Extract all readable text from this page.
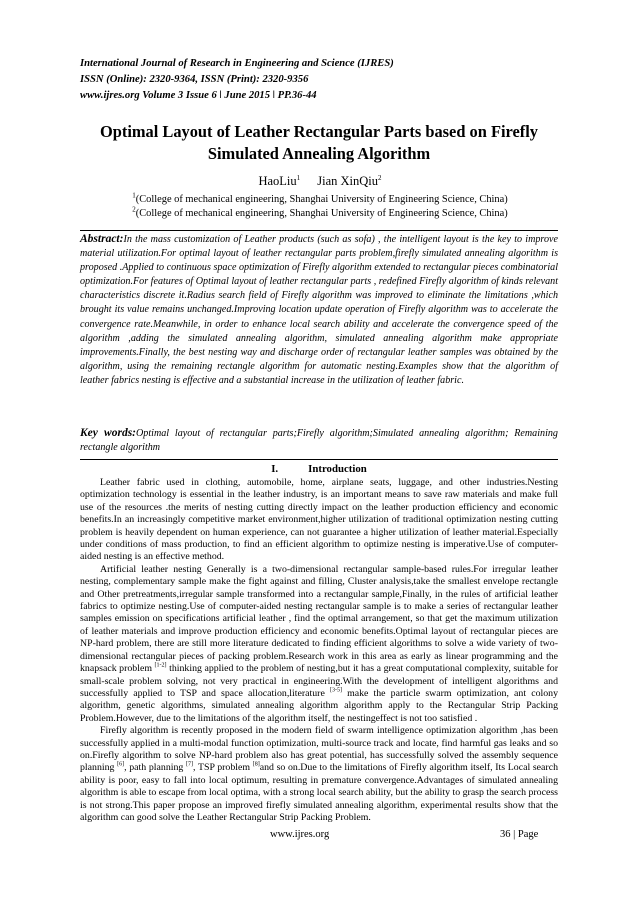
International Journal of Research in Engineering and Science (IJRES)
ISSN (Online): 2320-9364, ISSN (Print): 2320-9356
www.ijres.org Volume 3 Issue 6 ǀ June 2015 ǀ PP.36-44
Optimal Layout of Leather Rectangular Parts based on Firefly
Simulated Annealing Algorithm
HaoLiu$^1$ Jian XinQiu$^2$
$^1$(College of mechanical engineering, Shanghai University of Engineering Science, China)
$^2$(College of mechanical engineering, Shanghai University of Engineering Science, China)
Abstract:In the mass customization of Leather products (such as sofa) , the intelligent layout is the key to improve material utilization.For optimal layout of leather rectangular parts problem,firefly simulated annealing algorithm is proposed .Applied to continuous space optimization of Firefly algorithm extended to rectangular pieces combinatorial optimization.For features of Optimal layout of leather rectangular parts , redefined Firefly algorithm of kinds relevant characteristics discrete it.Radius search field of Firefly algorithm was improved to eliminate the limitations ,which brought its value remains unchanged.Improving location update operation of Firefly algorithm was to accelerate the convergence rate.Meanwhile, in order to enhance local search ability and accelerate the convergence speed of the algorithm ,adding the simulated annealing algorithm, simulated annealing algorithm make appropriate improvements.Finally, the best nesting way and discharge order of rectangular leather samples was obtained by the algorithm, using the remaining rectangle algorithm for automatic nesting.Examples show that the algorithm of leather fabrics nesting is effective and a substantial increase in the utilization of leather fabric.
Key words:Optimal layout of rectangular parts;Firefly algorithm;Simulated annealing algorithm; Remaining rectangle algorithm
I.	Introduction

Leather fabric used in clothing, automobile, home, airplane seats, luggage, and other industries.Nesting optimization technology is essential in the leather industry, is an important means to save raw materials and make full use of the resources .the merits of nesting cutting directly impact on the leather production efficiency and economic benefits.In an increasingly competitive market environment,higher utilization of traditional optimization nesting cutting problem is heavily dependent on human experience, can not guarantee a higher utilization of leather material.Especially under conditions of mass production, to find an efficient algorithm to optimize nesting is imperative.Use of computer-aided nesting is an effective method.

Artificial leather nesting Generally is a two-dimensional rectangular sample-based rules.For irregular leather nesting, complementary sample make the fight against and filling, Cluster analysis,take the smallest envelope rectangle and Other pretreatments,irregular sample transformed into a rectangular sample,Finally, in the rules of artificial leather fabrics to optimize nesting.Use of computer-aided nesting rectangular sample is to make a series of rectangular leather samples emission on specifications artificial leather , find the optimal arrangement, so that get the maximum utilization of leather materials and improve production efficiency and economic benefits.Optimal layout of rectangular pieces are NP-hard problem, there are still more literature dedicated to finding efficient algorithms to solve a wide variety of two-dimensional rectangular pieces of packing problem.Research work in this area as early as linear programming and the knapsack problem [1-2] thinking applied to the problem of nesting,but it has a great computational complexity, suitable for small-scale problem solving, not very practical in engineering.With the development of intelligent algorithms and successfully applied to TSP and space allocation,literature [3-5] make the particle swarm optimization, ant colony algorithm, genetic algorithms, simulated annealing algorithm algorithm apply to the Rectangular Strip Packing Problem.However, due to the limitations of the algorithm itself, the nestingeffect is not too satisfied .

Firefly algorithm is recently proposed in the modern field of swarm intelligence optimization algorithm ,has been successfully applied in a multi-modal function optimization, multi-source track and locate, find harmful gas leaks and so on.Firefly algorithm to solve NP-hard problem also has great potential, has successfully solved the assembly sequence planning [6], path planning [7], TSP problem [8]and so on.Due to the limitations of Firefly algorithm itself, Its Local search ability is poor, easy to fall into local optimum, resulting in premature convergence.Advantages of simulated annealing algorithm is able to escape from local optima, with a strong local search ability, but the ability to grasp the search process is not strong.This paper propose an improved firefly simulated annealing algorithm, experimental results show that the algorithm can good solve the Leather Rectangular Strip Packing Problem.

www.ijres.org	36 | Page
